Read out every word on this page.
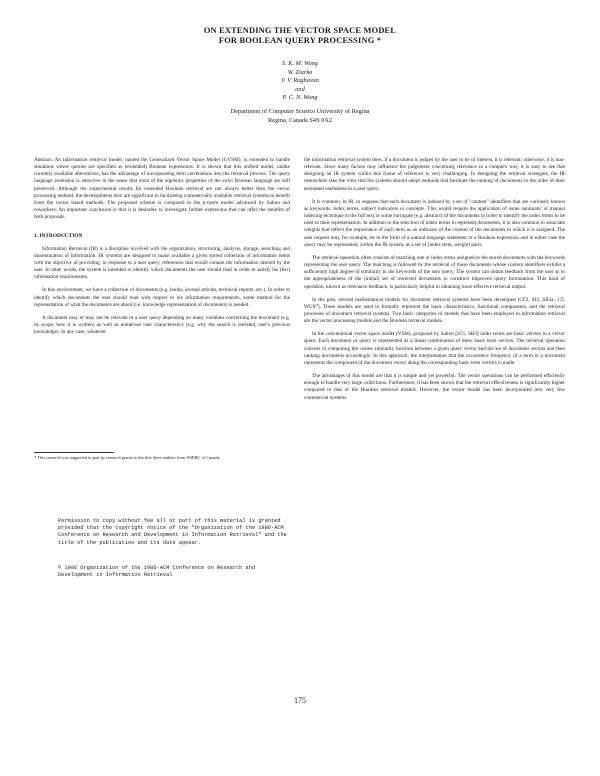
ON EXTENDING THE VECTOR SPACE MODEL
FOR BOOLEAN QUERY PROCESSING *
S. K. M. Wong
W. Ziarko
V. V. Raghavan
and
P. C. N. Wong
Department of Computer Science University of Regina
Regina, Canada S4S 0A2

Abstract. An information retrieval model, named the Generalized Vector Space Model (GVSM), is extended to handle situations where queries are specified as (extended) Boolean expressions. It is shown that this unified model, unlike currently available alternatives, has the advantage of incorporating term correlations into the retrieval process. The query language extension is attractive in the sense that most of the algebraic properties of the strict Boolean language are still preserved. Although the experimental results for extended Boolean retrieval are not always better than the vector processing method, the developments here are significant in facilitating commercially available retrieval systems to benefit from the vector based methods. The proposed scheme is compared to the p-norm model advanced by Salton and coworkers. An important conclusion is that it is desirable to investigate further extensions that can offer the benefits of both proposals.

1. INTRODUCTION

Information Retrieval (IR) is a discipline involved with the organization, structuring, analysis, storage, searching and dissemination of information. IR systems are designed to make available a given stored collection of information items with the objective of providing, in response to a user query, references that would contain the information desired by the user. In other words, the system is intended to identify which documents the user should read in order to satisfy his (her) information requirements.

In this environment, we have a collection of documents (e.g. books, journal articles, technical reports, etc.). In order to identify which documents the user should read with respect to his information requirements, some method for the representation of what the documents are about (i.e. knowledge representation of documents) is needed.

A document may or may not be relevant to a user query depending on many variables concerning the document (e.g. its scope, how it is written) as well as numerous user characteristics (e.g. why the search is initiated, user's previous knowledge). In any case, whatever

* This research was supported in part by research grants to the first three authors from NSERC of Canada
Permission to copy without fee all or part of this material is granted provided that the copyright notice of the "Organization of the 1986-ACM Conference on Research and Development in Information Retrieval" and the title of the publication and its date appear.
© 1986 Organization of the 1986-ACM Conference on Research and Development in Information Retrieval

the information retrieval system does, if a document is judged by the user to be of interest, it is relevant; otherwise, it is non-relevant. Since many factors may influence the judgement concerning relevance in a complex way, it is easy to see that designing an IR system within this frame of reference is very challenging. In designing the retrieval strategies, the IR researchers take the view that the systems should adopt methods that facilitate the ranking of documents in the order of their estimated usefulness to a user query.

It is common, in IR, to suppose that each document is indexed by a set of "content" identifiers that are variously known as keywords, index terms, subject indicators or concepts. This would require the application of some automatic or manual indexing technique to the full text or some surrogate (e.g. abstract) of the documents in order to identify the index terms to be used in their representation. In addition to the selection of index terms to represent documents, it is also common to associate weights that reflect the importance of each term as an indicator of the content of the documents to which it is assigned. The user request may, for example, be in the form of a natural language statement or a Boolean expression and in either case the query may be represented, within the IR system, as a set of (index term, weight) pairs.

The retrieval operation often consists of matching one or index terms assigned to the stored documents with the keywords representing the user query. The matching is followed by the retrieval of those documents whose content identifiers exhibit a sufficiently high degree of similarity to the keywords of the user query. The system can obtain feedback from the user as to the appropriateness of the (initial) set of retrieved documents to construct improved query formulation. This kind of operation, known as relevance feedback, is particularly helpful in obtaining more effective retrieval output.

In the past, several mathematical models for document retrieval systems have been developed [CF2, SI3, SB3a, 17I, WU87]. These models are used to formally represent the basic characteristics, functional components, and the retrieval processes of document retrieval systems. Two basic categories of models that have been employed in information retrieval are the vector processing models and the Boolean retrieval models.

In the conventional vector space model (VSM), proposed by Salton [S71, SB3] index terms are basic vectors in a vector space. Each document or query is represented as a linear combination of these basic term vectors. The retrieval operation consists of computing the cosine similarity function between a given query vector and the set of document vectors and then ranking documents accordingly. In this approach, the interpretation that the occurrence frequency of a term in a document represents the component of the document vector along the corresponding basic term vectors is made.

The advantages of this model are that it is simple and yet powerful. The vector operations can be performed efficiently enough to handle very large collections. Furthermore, it has been shown that the retrieval effectiveness is significantly higher compared to that of the Boolean retrieval models. However, the vector model has been incorporated into very few commercial systems.

175
